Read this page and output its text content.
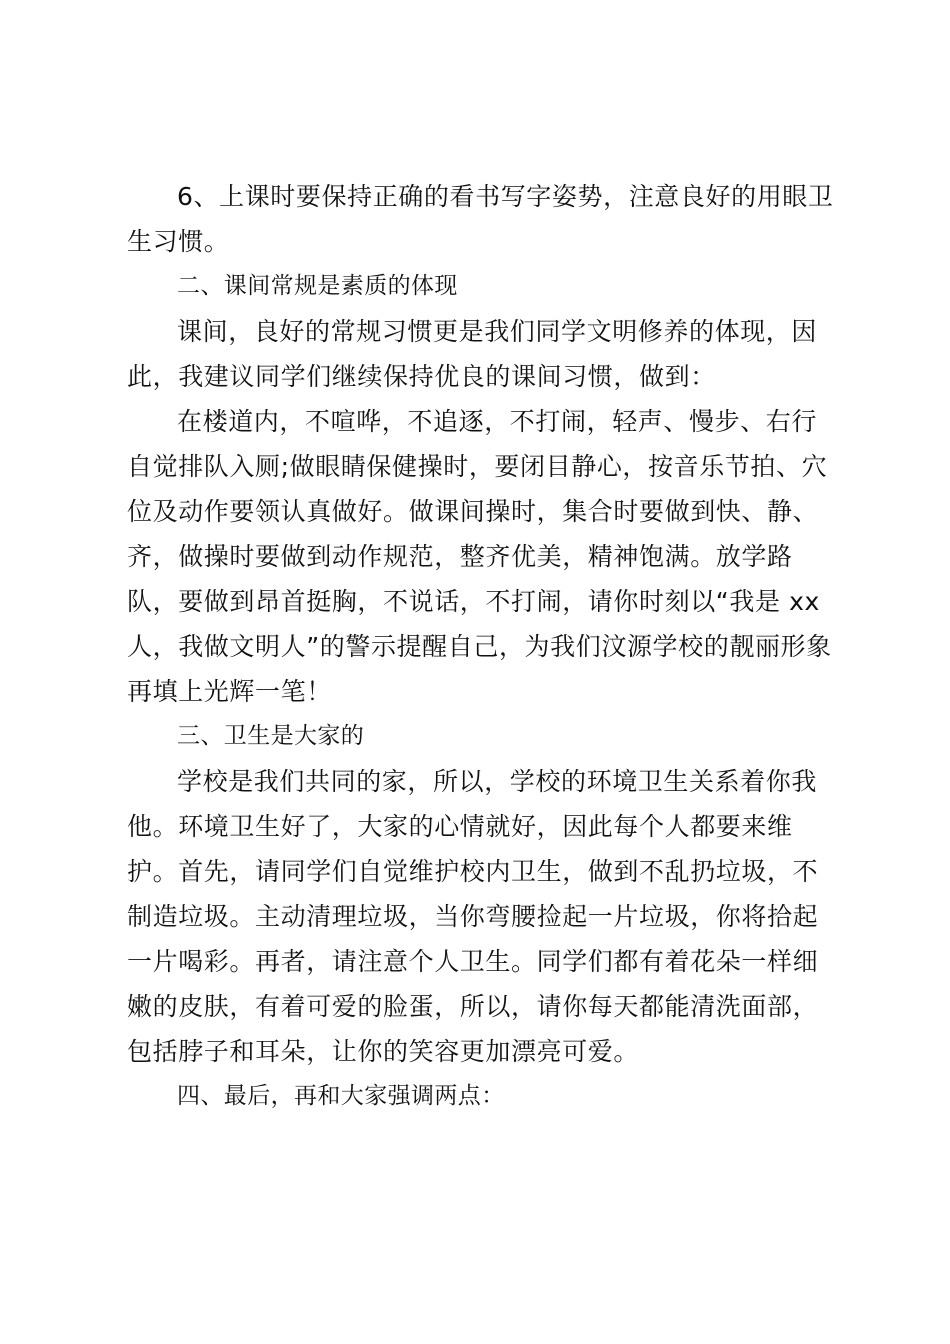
6、上课时要保持正确的看书写字姿势，注意良好的用眼卫生习惯。

二、课间常规是素质的体现

课间，良好的常规习惯更是我们同学文明修养的体现，因此，我建议同学们继续保持优良的课间习惯，做到：

在楼道内，不喧哗，不追逐，不打闹，轻声、慢步、右行自觉排队入厕;做眼睛保健操时，要闭目静心，按音乐节拍、穴位及动作要领认真做好。做课间操时，集合时要做到快、静、齐，做操时要做到动作规范，整齐优美，精神饱满。放学路队，要做到昂首挺胸，不说话，不打闹，请你时刻以“我是 xx 人，我做文明人”的警示提醒自己，为我们汶源学校的靓丽形象再填上光辉一笔！

三、卫生是大家的

学校是我们共同的家，所以，学校的环境卫生关系着你我他。环境卫生好了，大家的心情就好，因此每个人都要来维护。首先，请同学们自觉维护校内卫生，做到不乱扔垃圾，不制造垃圾。主动清理垃圾，当你弯腰捡起一片垃圾，你将拾起一片喝彩。再者，请注意个人卫生。同学们都有着花朵一样细嫩的皮肤，有着可爱的脸蛋，所以，请你每天都能清洗面部，包括脖子和耳朵，让你的笑容更加漂亮可爱。

四、最后，再和大家强调两点：
